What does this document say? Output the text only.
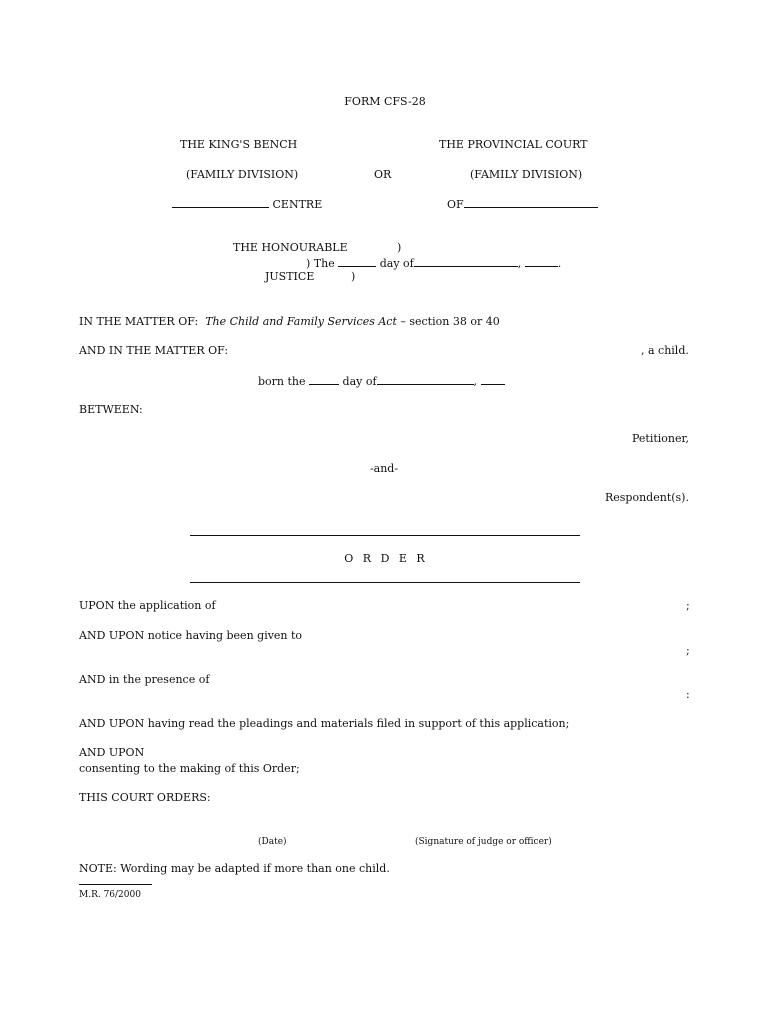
FORM CFS-28
THE KING'S BENCH	THE PROVINCIAL COURT
(FAMILY DIVISION)	OR	(FAMILY DIVISION)
CENTRE	OF
THE HONOURABLE	)
) The	day of	,	.
JUSTICE	)
IN THE MATTER OF: The Child and Family Services Act – section 38 or 40
AND IN THE MATTER OF:	, a child.
born the	day of	,
BETWEEN:
Petitioner,
-and-
Respondent(s).
O R D E R
UPON the application of	;
AND UPON notice having been given to
;
AND in the presence of
:
AND UPON having read the pleadings and materials filed in support of this application;
AND UPON
consenting to the making of this Order;
THIS COURT ORDERS:
(Date)	(Signature of judge or officer)
NOTE: Wording may be adapted if more than one child.
M.R. 76/2000
